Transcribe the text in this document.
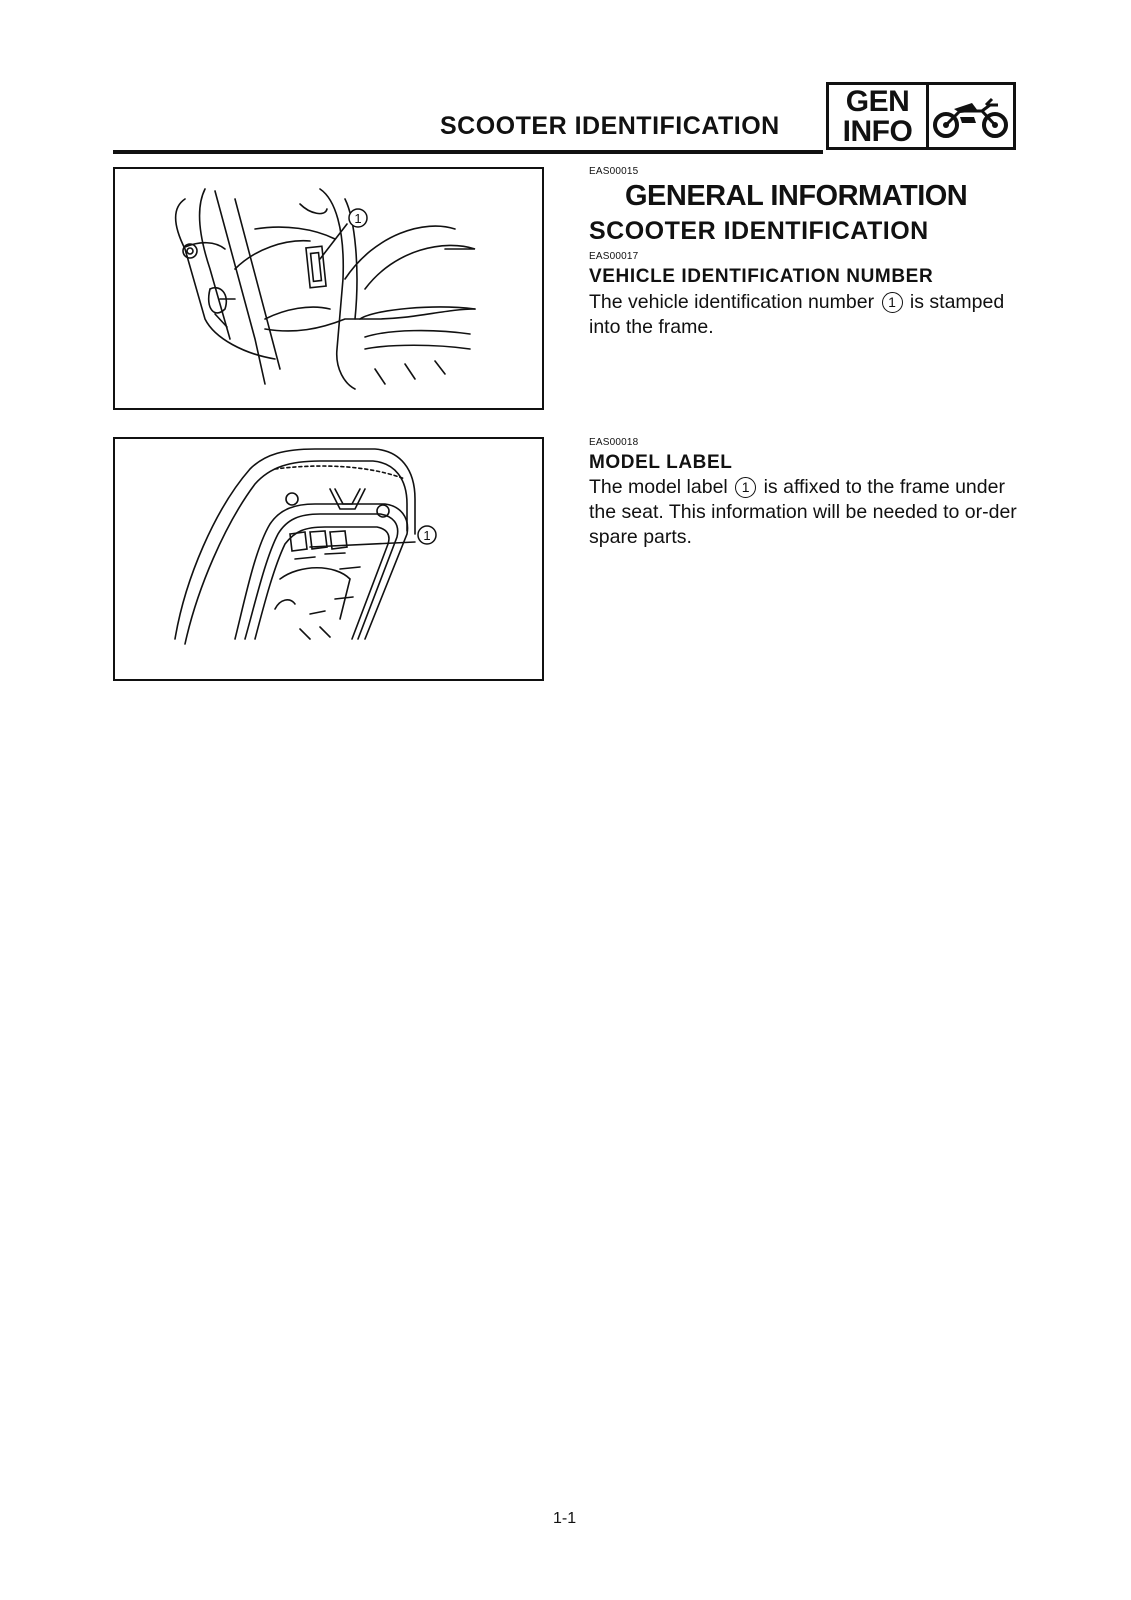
SCOOTER IDENTIFICATION
GEN
INFO
1
1
EAS00015
GENERAL INFORMATION
SCOOTER IDENTIFICATION
EAS00017
VEHICLE IDENTIFICATION NUMBER
The vehicle identification number 1 is stamped into the frame.
EAS00018
MODEL LABEL
The model label 1 is affixed to the frame under the seat. This information will be needed to or-der spare parts.
1-1
